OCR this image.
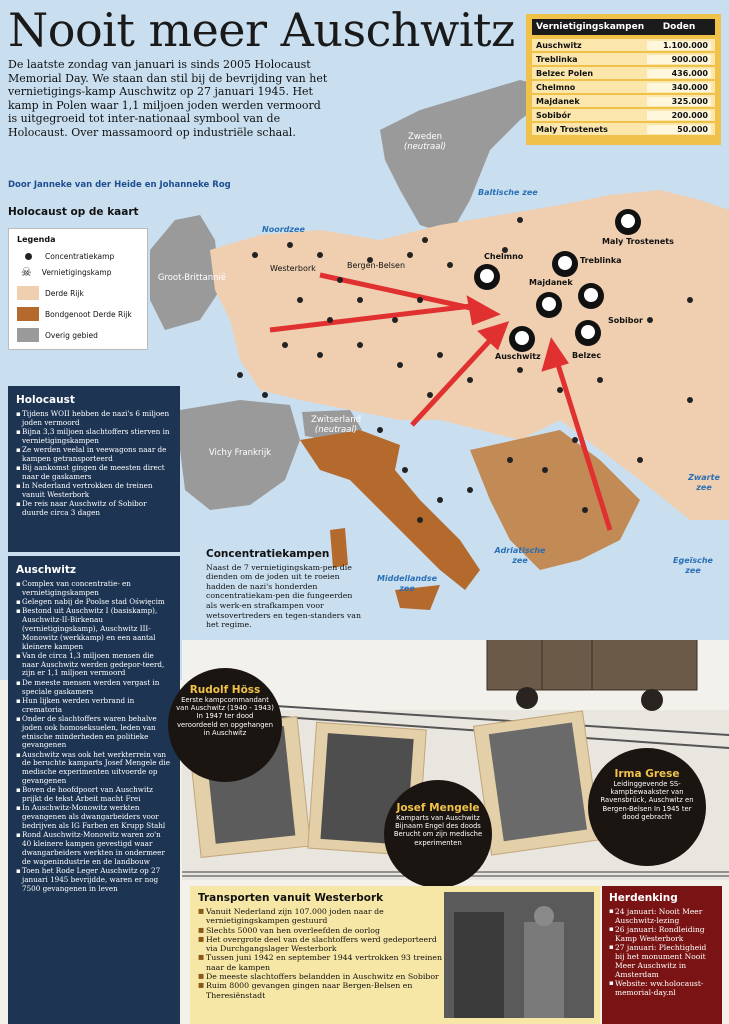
Nooit meer Auschwitz
De laatste zondag van januari is sinds 2005 Holocaust Memorial Day. We staan dan stil bij de bevrijding van het vernietigings-kamp Auschwitz op 27 januari 1945. Het kamp in Polen waar 1,1 miljoen joden werden vermoord is uitgegroeid tot inter-nationaal symbool van de Holocaust. Over massamoord op industriële schaal.
Door Janneke van der Heide en Johanneke Rog
Holocaust op de kaart
Vernietigingskampen	Doden
Auschwitz	1.100.000
Treblinka	900.000
Belzec Polen	436.000
Chelmno	340.000
Majdanek	325.000
Sobibór	200.000
Maly Trostenets	50.000
Legenda
Concentratiekamp
☠ Vernietigingskamp
Derde Rijk
Bondgenoot Derde Rijk
Overig gebied
Noordzee
Baltische zee
Zwarte zee
Adriatische zee	Egeïsche zee
Middellandse zee
Zweden
(neutraal)
Groot-Brittannië
Vichy Frankrijk
Zwitserland
(neutraal)
Westerbork	Bergen-Belsen
Chelmno	Treblinka
Maly Trostenets
Majdanek
Sobibor
Auschwitz	Belzec
Holocaust
▪ Tijdens WOII hebben de nazi's 6 miljoen joden vermoord
▪ Bijna 3,3 miljoen slachtoffers stierven in vernietigingskampen
▪ Ze werden veelal in veewagons naar de kampen getransporteerd
▪ Bij aankomst gingen de meesten direct naar de gaskamers
▪ In Nederland vertrokken de treinen vanuit Westerbork
▪ De reis naar Auschwitz of Sobibor duurde circa 3 dagen
Auschwitz
▪ Complex van concentratie- en vernietigingskampen
▪ Gelegen nabij de Poolse stad Oświęcim
▪ Bestond uit Auschwitz I (basiskamp), Auschwitz-II-Birkenau (vernietigingskamp), Auschwitz III-Monowitz (werkkamp) en een aantal kleinere kampen
▪ Van de circa 1,3 miljoen mensen die naar Auschwitz werden gedepor-teerd, zijn er 1,1 miljoen vermoord
▪ De meeste mensen werden vergast in speciale gaskamers
▪ Hun lijken werden verbrand in crematoria
▪ Onder de slachtoffers waren behalve joden ook homoseksuelen, leden van etnische minderheden en politieke gevangenen
▪ Auschwitz was ook het werkterrein van de beruchte kamparts Josef Mengele die medische experimenten uitvoerde op gevangenen
▪ Boven de hoofdpoort van Auschwitz prijkt de tekst Arbeit macht Frei
▪ In Auschwitz-Monowitz werkten gevangenen als dwangarbeiders voor bedrijven als IG Farben en Krupp Stahl
▪ Rond Auschwitz-Monowitz waren zo'n 40 kleinere kampen gevestigd waar dwangarbeiders werkten in ondermeer de wapenindustrie en de landbouw
▪ Toen het Rode Leger Auschwitz op 27 januari 1945 bevrijdde, waren er nog 7500 gevangenen in leven
Concentratiekampen

Naast de 7 vernietigingskam-pen die dienden om de joden uit te roeien hadden de nazi's honderden concentratiekam-pen die fungeerden als werk-en strafkampen voor wetsovertreders en tegen-standers van het regime.

Rudolf Höss
Eerste kampcommandant van Auschwitz (1940 - 1943) In 1947 ter dood veroordeeld en opgehangen in Auschwitz
Josef Mengele
Kamparts van Auschwitz Bijnaam Engel des doods Berucht om zijn medische experimenten
Irma Grese
Leidinggevende SS-kampbewaakster van Ravensbrück, Auschwitz en Bergen-Belsen In 1945 ter dood gebracht
Transporten vanuit Westerbork
■ Vanuit Nederland zijn 107.000 joden naar de vernietigingskampen gestuurd
■ Slechts 5000 van hen overleefden de oorlog
■ Het overgrote deel van de slachtoffers werd gedeporteerd via Durchgangslager Westerbork
■ Tussen juni 1942 en september 1944 vertrokken 93 treinen naar de kampen
■ De meeste slachtoffers belandden in Auschwitz en Sobibor
■ Ruim 8000 gevangen gingen naar Bergen-Belsen en Theresiënstadt
Herdenking
▪ 24 januari: Nooit Meer Auschwitz-lezing
▪ 26 januari: Rondleiding Kamp Westerbork
▪ 27 januari: Plechtigheid bij het monument Nooit Meer Auschwitz in Amsterdam
▪ Website: ww.holocaust-memorial-day.nl
